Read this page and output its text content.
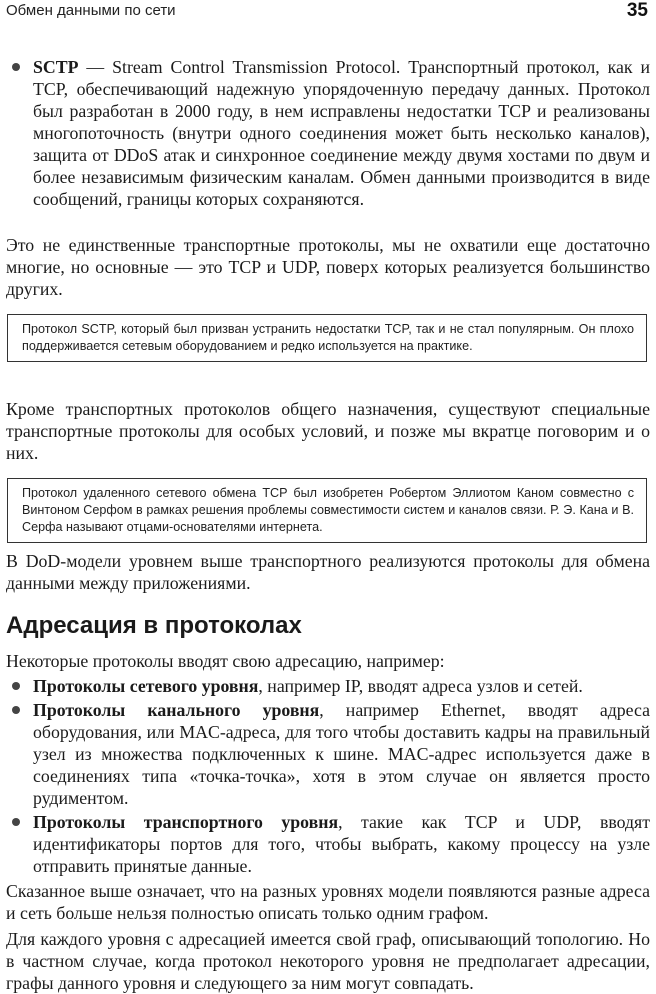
Обмен данными по сети	35
SCTP — Stream Control Transmission Protocol. Транспортный протокол, как и TCP, обеспечивающий надежную упорядоченную передачу данных. Протокол был разработан в 2000 году, в нем исправлены недостатки TCP и реализованы многопоточность (внутри одного соединения может быть несколько каналов), защита от DDoS атак и синхронное соединение между двумя хостами по двум и более независимым физическим каналам. Обмен данными производится в виде сообщений, границы которых сохраняются.

Это не единственные транспортные протоколы, мы не охватили еще достаточно многие, но основные — это TCP и UDP, поверх которых реализуется большинство других.

Протокол SCTP, который был призван устранить недостатки TCP, так и не стал популярным. Он плохо поддерживается сетевым оборудованием и редко используется на практике.

Кроме транспортных протоколов общего назначения, существуют специальные транспортные протоколы для особых условий, и позже мы вкратце поговорим и о них.

Протокол удаленного сетевого обмена TCP был изобретен Робертом Эллиотом Каном совместно с Винтоном Серфом в рамках решения проблемы совместимости систем и каналов связи. Р. Э. Кана и В. Серфа называют отцами-основателями интернета.

В DoD-модели уровнем выше транспортного реализуются протоколы для обмена данными между приложениями.

Адресация в протоколах

Некоторые протоколы вводят свою адресацию, например:

Протоколы сетевого уровня, например IP, вводят адреса узлов и сетей.
Протоколы канального уровня, например Ethernet, вводят адреса оборудования, или MAC-адреса, для того чтобы доставить кадры на правильный узел из множества подключенных к шине. MAC-адрес используется даже в соединениях типа «точка-точка», хотя в этом случае он является просто рудиментом.
Протоколы транспортного уровня, такие как TCP и UDP, вводят идентификаторы портов для того, чтобы выбрать, какому процессу на узле отправить принятые данные.

Сказанное выше означает, что на разных уровнях модели появляются разные адреса и сеть больше нельзя полностью описать только одним графом.

Для каждого уровня с адресацией имеется свой граф, описывающий топологию. Но в частном случае, когда протокол некоторого уровня не предполагает адресации, графы данного уровня и следующего за ним могут совпадать.
